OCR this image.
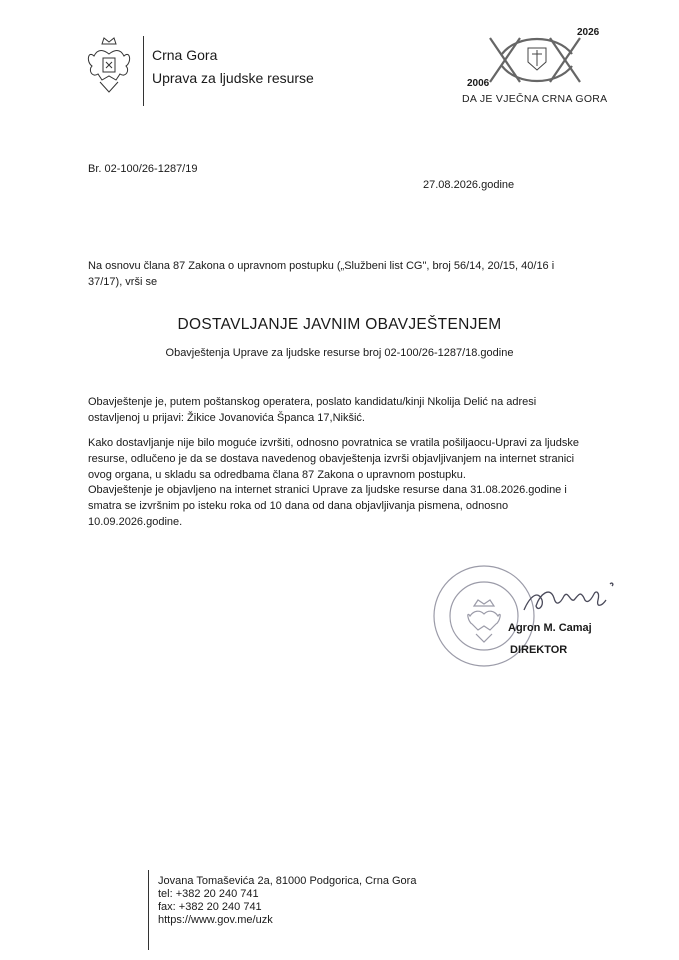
Crna Gora
Uprava za ljudske resurse
2026
2006
DA JE VJEČNA CRNA GORA
Br. 02-100/26-1287/19
27.08.2026.godine
Na osnovu člana 87 Zakona o upravnom postupku („Službeni list CG", broj 56/14, 20/15, 40/16 i 37/17), vrši se
DOSTAVLJANJE JAVNIM OBAVJEŠTENJEM
Obavještenja Uprave za ljudske resurse broj 02-100/26-1287/18.godine
Obavještenje je, putem poštanskog operatera, poslato kandidatu/kinji Nkolija Delić na adresi ostavljenoj u prijavi: Žikice Jovanovića Španca 17,Nikšić.
Kako dostavljanje nije bilo moguće izvršiti, odnosno povratnica se vratila pošiljaocu-Upravi za ljudske resurse, odlučeno je da se dostava navedenog obavještenja izvrši objavljivanjem na internet stranici ovog organa, u skladu sa odredbama člana 87 Zakona o upravnom postupku.
Obavještenje je objavljeno na internet stranici Uprave za ljudske resurse dana 31.08.2026.godine i smatra se izvršnim po isteku roka od 10 dana od dana objavljivanja pismena, odnosno 10.09.2026.godine.
Agron M. Camaj
DIREKTOR
Jovana Tomaševića 2a, 81000 Podgorica, Crna Gora
tel: +382 20 240 741
fax: +382 20 240 741
https://www.gov.me/uzk
